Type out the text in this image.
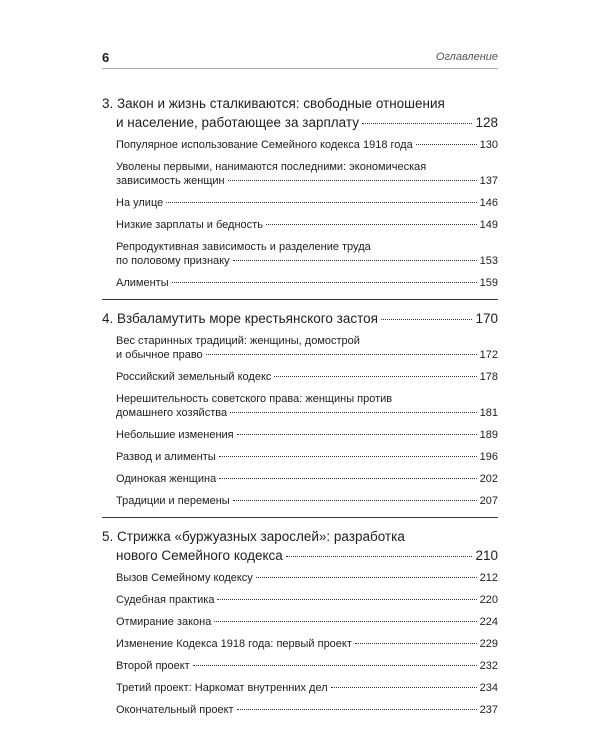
6	Оглавление
3. Закон и жизнь сталкиваются: свободные отношения
и население, работающее за зарплату	128
Популярное использование Семейного кодекса 1918 года	130
Уволены первыми, нанимаются последними: экономическая
зависимость женщин	137
На улице	146
Низкие зарплаты и бедность	149
Репродуктивная зависимость и разделение труда
по половому признаку	153
Алименты	159
4. Взбаламутить море крестьянского застоя	170
Вес старинных традиций: женщины, домострой
и обычное право	172
Российский земельный кодекс	178
Нерешительность советского права: женщины против
домашнего хозяйства	181
Небольшие изменения	189
Развод и алименты	196
Одинокая женщина	202
Традиции и перемены	207
5. Стрижка «буржуазных зарослей»: разработка
нового Семейного кодекса	210
Вызов Семейному кодексу	212
Судебная практика	220
Отмирание закона	224
Изменение Кодекса 1918 года: первый проект	229
Второй проект	232
Третий проект: Наркомат внутренних дел	234
Окончательный проект	237
